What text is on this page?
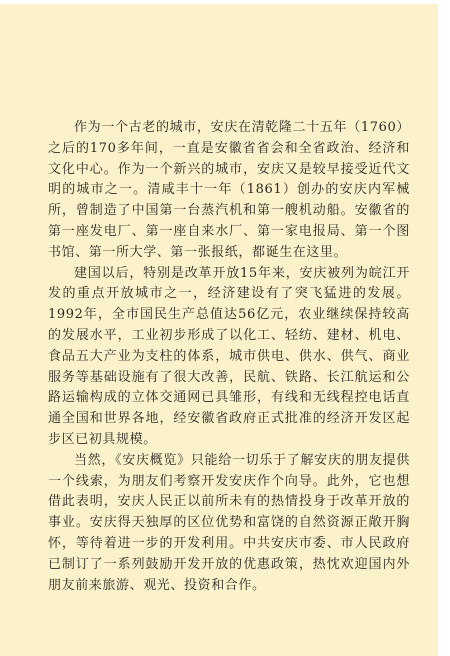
作为一个古老的城市，安庆在清乾隆二十五年（1760）之后的170多年间，一直是安徽省省会和全省政治、经济和文化中心。作为一个新兴的城市，安庆又是较早接受近代文明的城市之一。清咸丰十一年（1861）创办的安庆内军械所，曾制造了中国第一台蒸汽机和第一艘机动船。安徽省的第一座发电厂、第一座自来水厂、第一家电报局、第一个图书馆、第一所大学、第一张报纸，都诞生在这里。

建国以后，特别是改革开放15年来，安庆被列为皖江开发的重点开放城市之一，经济建设有了突飞猛进的发展。1992年，全市国民生产总值达56亿元，农业继续保持较高的发展水平，工业初步形成了以化工、轻纺、建材、机电、食品五大产业为支柱的体系，城市供电、供水、供气、商业服务等基础设施有了很大改善，民航、铁路、长江航运和公路运输构成的立体交通网已具雏形，有线和无线程控电话直通全国和世界各地，经安徽省政府正式批准的经济开发区起步区已初具规模。

当然，《安庆概览》只能给一切乐于了解安庆的朋友提供一个线索，为朋友们考察开发安庆作个向导。此外，它也想借此表明，安庆人民正以前所未有的热情投身于改革开放的事业。安庆得天独厚的区位优势和富饶的自然资源正敞开胸怀，等待着进一步的开发利用。中共安庆市委、市人民政府已制订了一系列鼓励开发开放的优惠政策，热忱欢迎国内外朋友前来旅游、观光、投资和合作。
